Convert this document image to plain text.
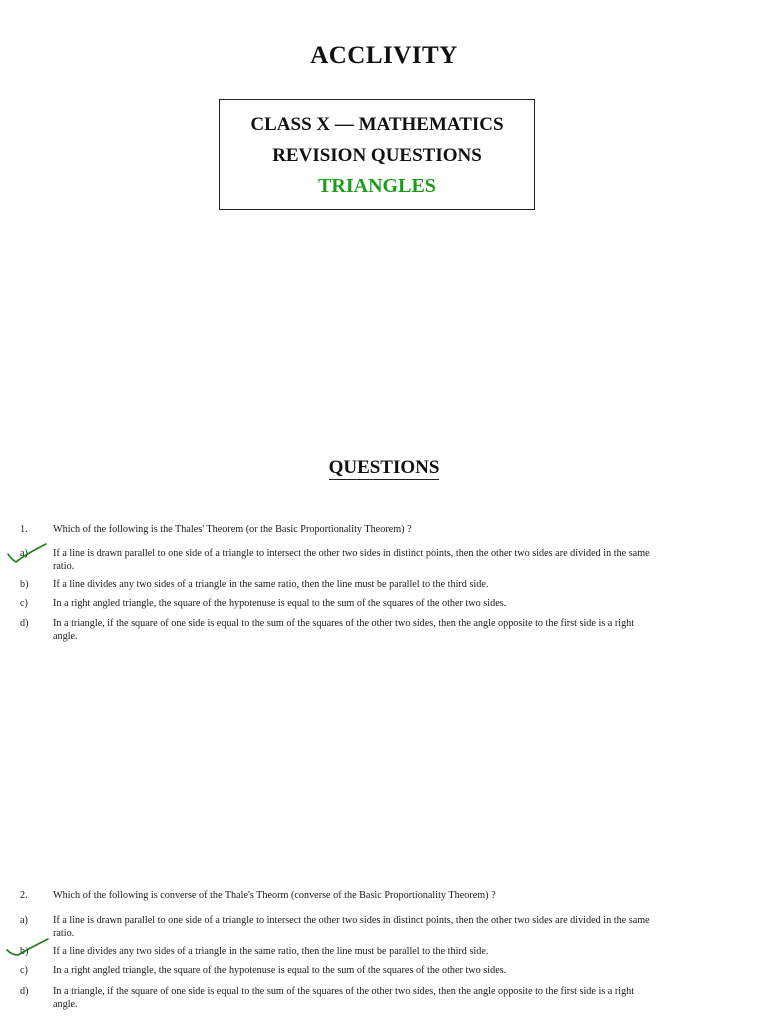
ACCLIVITY
CLASS X — MATHEMATICS
REVISION QUESTIONS
TRIANGLES
QUESTIONS
1. Which of the following is the Thales' Theorem (or the Basic Proportionality Theorem) ?
a) If a line is drawn parallel to one side of a triangle to intersect the other two sides in distinct points, then the other two sides are divided in the same ratio.
b) If a line divides any two sides of a triangle in the same ratio, then the line must be parallel to the third side.
c) In a right angled triangle, the square of the hypotenuse is equal to the sum of the squares of the other two sides.
d) In a triangle, if the square of one side is equal to the sum of the squares of the other two sides, then the angle opposite to the first side is a right angle.
2. Which of the following is converse of the Thale's Theorm (converse of the Basic Proportionality Theorem) ?
a) If a line is drawn parallel to one side of a triangle to intersect the other two sides in distinct points, then the other two sides are divided in the same ratio.
b) If a line divides any two sides of a triangle in the same ratio, then the line must be parallel to the third side.
c) In a right angled triangle, the square of the hypotenuse is equal to the sum of the squares of the other two sides.
d) In a triangle, if the square of one side is equal to the sum of the squares of the other two sides, then the angle opposite to the first side is a right angle.
